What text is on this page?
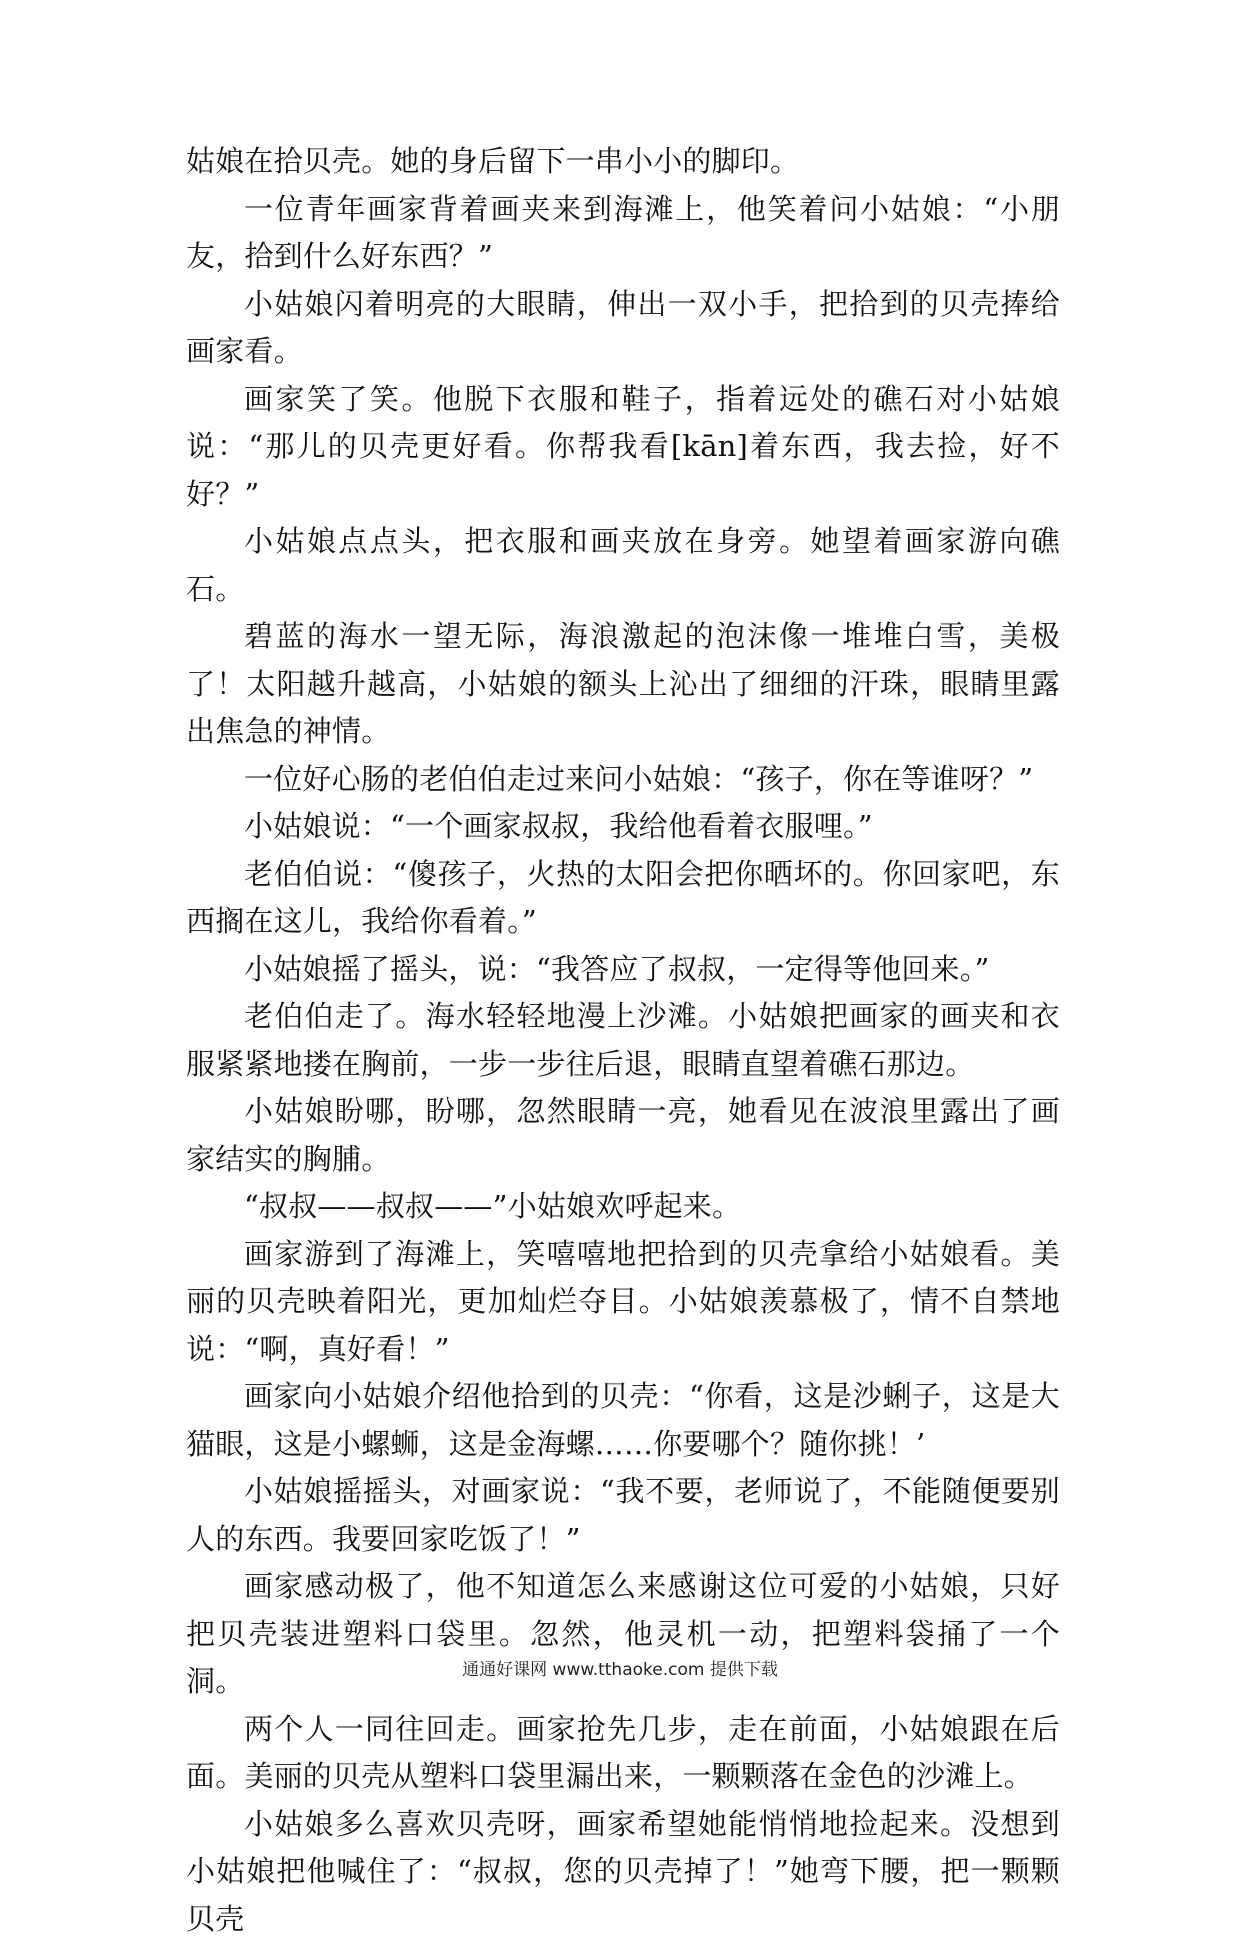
姑娘在拾贝壳。她的身后留下一串小小的脚印。

一位青年画家背着画夹来到海滩上，他笑着问小姑娘：“小朋友，拾到什么好东西？”

小姑娘闪着明亮的大眼睛，伸出一双小手，把拾到的贝壳捧给画家看。

画家笑了笑。他脱下衣服和鞋子，指着远处的礁石对小姑娘说：“那儿的贝壳更好看。你帮我看[kān]着东西，我去捡，好不好？”

小姑娘点点头，把衣服和画夹放在身旁。她望着画家游向礁石。

碧蓝的海水一望无际，海浪激起的泡沫像一堆堆白雪，美极了！太阳越升越高，小姑娘的额头上沁出了细细的汗珠，眼睛里露出焦急的神情。

一位好心肠的老伯伯走过来问小姑娘：“孩子，你在等谁呀？”

小姑娘说：“一个画家叔叔，我给他看着衣服哩。”

老伯伯说：“傻孩子，火热的太阳会把你晒坏的。你回家吧，东西搁在这儿，我给你看着。”

小姑娘摇了摇头，说：“我答应了叔叔，一定得等他回来。”

老伯伯走了。海水轻轻地漫上沙滩。小姑娘把画家的画夹和衣服紧紧地搂在胸前，一步一步往后退，眼睛直望着礁石那边。

小姑娘盼哪，盼哪，忽然眼睛一亮，她看见在波浪里露出了画家结实的胸脯。

“叔叔——叔叔——”小姑娘欢呼起来。

画家游到了海滩上，笑嘻嘻地把拾到的贝壳拿给小姑娘看。美丽的贝壳映着阳光，更加灿烂夺目。小姑娘羡慕极了，情不自禁地说：“啊，真好看！”

画家向小姑娘介绍他拾到的贝壳：“你看，这是沙蜊子，这是大猫眼，这是小螺蛳，这是金海螺……你要哪个？随你挑！’

小姑娘摇摇头，对画家说：“我不要，老师说了，不能随便要别人的东西。我要回家吃饭了！”

画家感动极了，他不知道怎么来感谢这位可爱的小姑娘，只好把贝壳装进塑料口袋里。忽然，他灵机一动，把塑料袋捅了一个洞。

两个人一同往回走。画家抢先几步，走在前面，小姑娘跟在后面。美丽的贝壳从塑料口袋里漏出来，一颗颗落在金色的沙滩上。

小姑娘多么喜欢贝壳呀，画家希望她能悄悄地捡起来。没想到小姑娘把他喊住了：“叔叔，您的贝壳掉了！”她弯下腰，把一颗颗贝壳

通通好课网 www.tthaoke.com 提供下载
